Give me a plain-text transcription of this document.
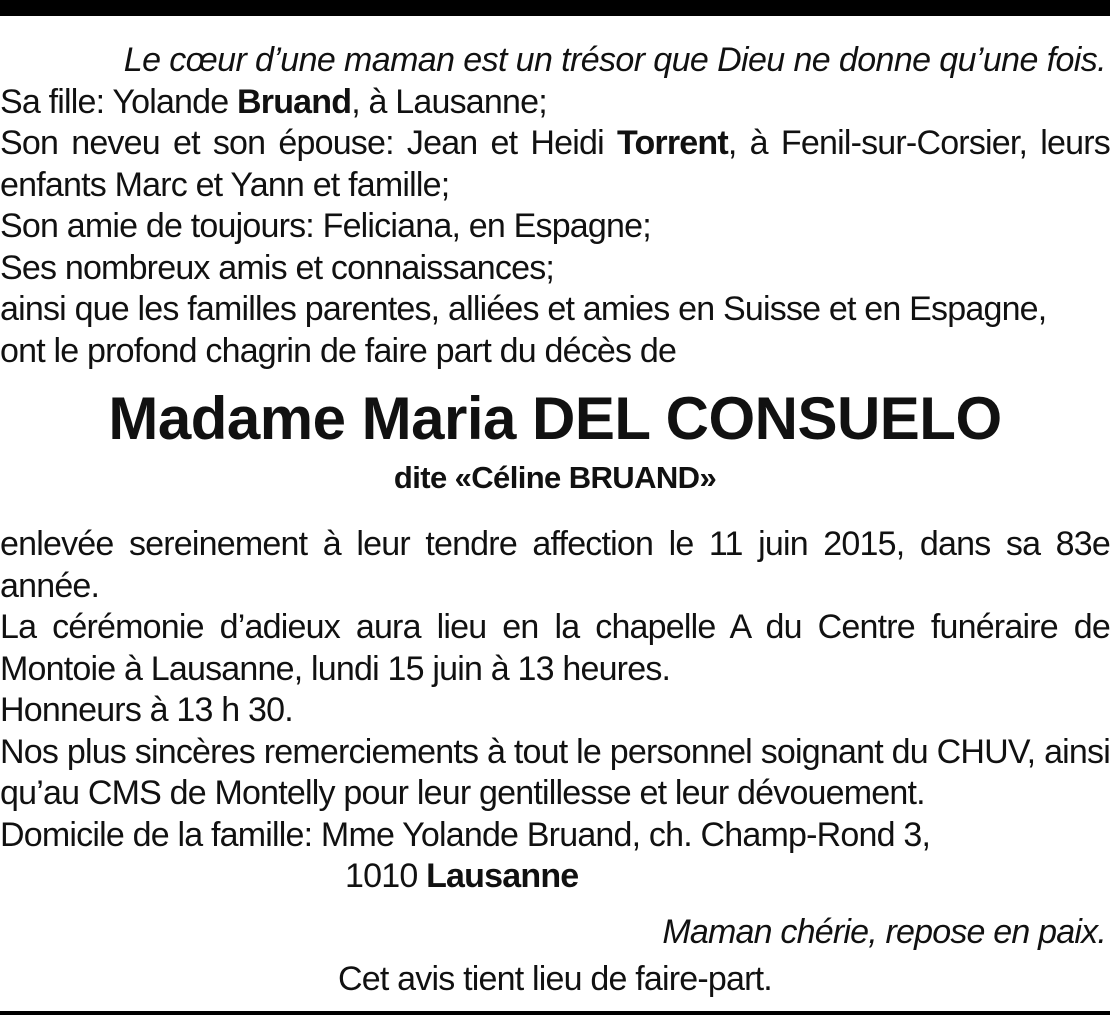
Le cœur d’une maman est un trésor que Dieu ne donne qu’une fois.
Sa fille: Yolande Bruand, à Lausanne;
Son neveu et son épouse: Jean et Heidi Torrent, à Fenil-sur-Corsier, leurs
enfants Marc et Yann et famille;
Son amie de toujours: Feliciana, en Espagne;
Ses nombreux amis et connaissances;
ainsi que les familles parentes, alliées et amies en Suisse et en Espagne,
ont le profond chagrin de faire part du décès de
Madame Maria DEL CONSUELO
dite «Céline BRUAND»
enlevée sereinement à leur tendre affection le 11 juin 2015, dans sa 83e année.
La cérémonie d’adieux aura lieu en la chapelle A du Centre funéraire de
Montoie à Lausanne, lundi 15 juin à 13 heures.
Honneurs à 13 h 30.
Nos plus sincères remerciements à tout le personnel soignant du CHUV, ainsi
qu’au CMS de Montelly pour leur gentillesse et leur dévouement.
Domicile de la famille: Mme Yolande Bruand, ch. Champ-Rond 3,
1010 Lausanne
Maman chérie, repose en paix.
Cet avis tient lieu de faire-part.
